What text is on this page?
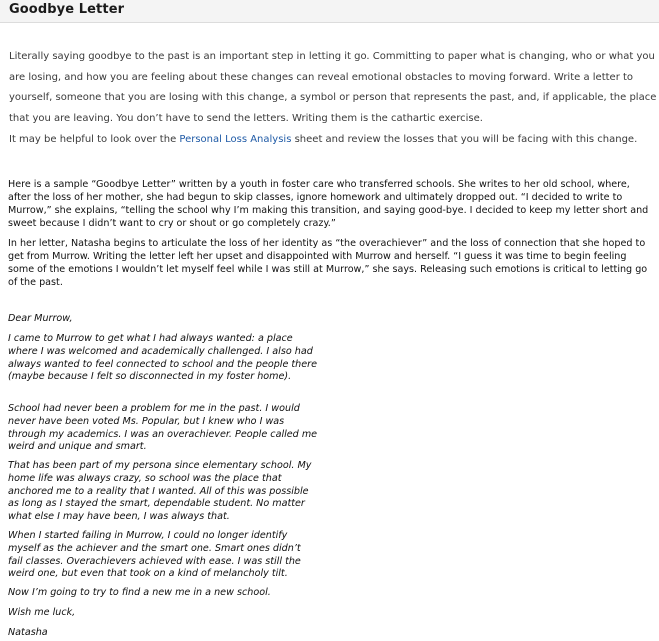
Goodbye Letter

Literally saying goodbye to the past is an important step in letting it go. Committing to paper what is changing, who or what you are losing, and how you are feeling about these changes can reveal emotional obstacles to moving forward. Write a letter to yourself, someone that you are losing with this change, a symbol or person that represents the past, and, if applicable, the place that you are leaving. You don’t have to send the letters. Writing them is the cathartic exercise.

It may be helpful to look over the Personal Loss Analysis sheet and review the losses that you will be facing with this change.

Here is a sample “Goodbye Letter” written by a youth in foster care who transferred schools. She writes to her old school, where, after the loss of her mother, she had begun to skip classes, ignore homework and ultimately dropped out. “I decided to write to Murrow,” she explains, “telling the school why I’m making this transition, and saying good-bye. I decided to keep my letter short and sweet because I didn’t want to cry or shout or go completely crazy.”

In her letter, Natasha begins to articulate the loss of her identity as “the overachiever” and the loss of connection that she hoped to get from Murrow. Writing the letter left her upset and disappointed with Murrow and herself. “I guess it was time to begin feeling some of the emotions I wouldn’t let myself feel while I was still at Murrow,” she says. Releasing such emotions is critical to letting go of the past.

Dear Murrow,

I came to Murrow to get what I had always wanted: a place where I was welcomed and academically challenged. I also had always wanted to feel connected to school and the people there (maybe because I felt so disconnected in my foster home).

School had never been a problem for me in the past. I would never have been voted Ms. Popular, but I knew who I was through my academics. I was an overachiever. People called me weird and unique and smart.

That has been part of my persona since elementary school. My home life was always crazy, so school was the place that anchored me to a reality that I wanted. All of this was possible as long as I stayed the smart, dependable student. No matter what else I may have been, I was always that.

When I started failing in Murrow, I could no longer identify myself as the achiever and the smart one. Smart ones didn’t fail classes. Overachievers achieved with ease. I was still the weird one, but even that took on a kind of melancholy tilt.

Now I’m going to try to find a new me in a new school.

Wish me luck,

Natasha
